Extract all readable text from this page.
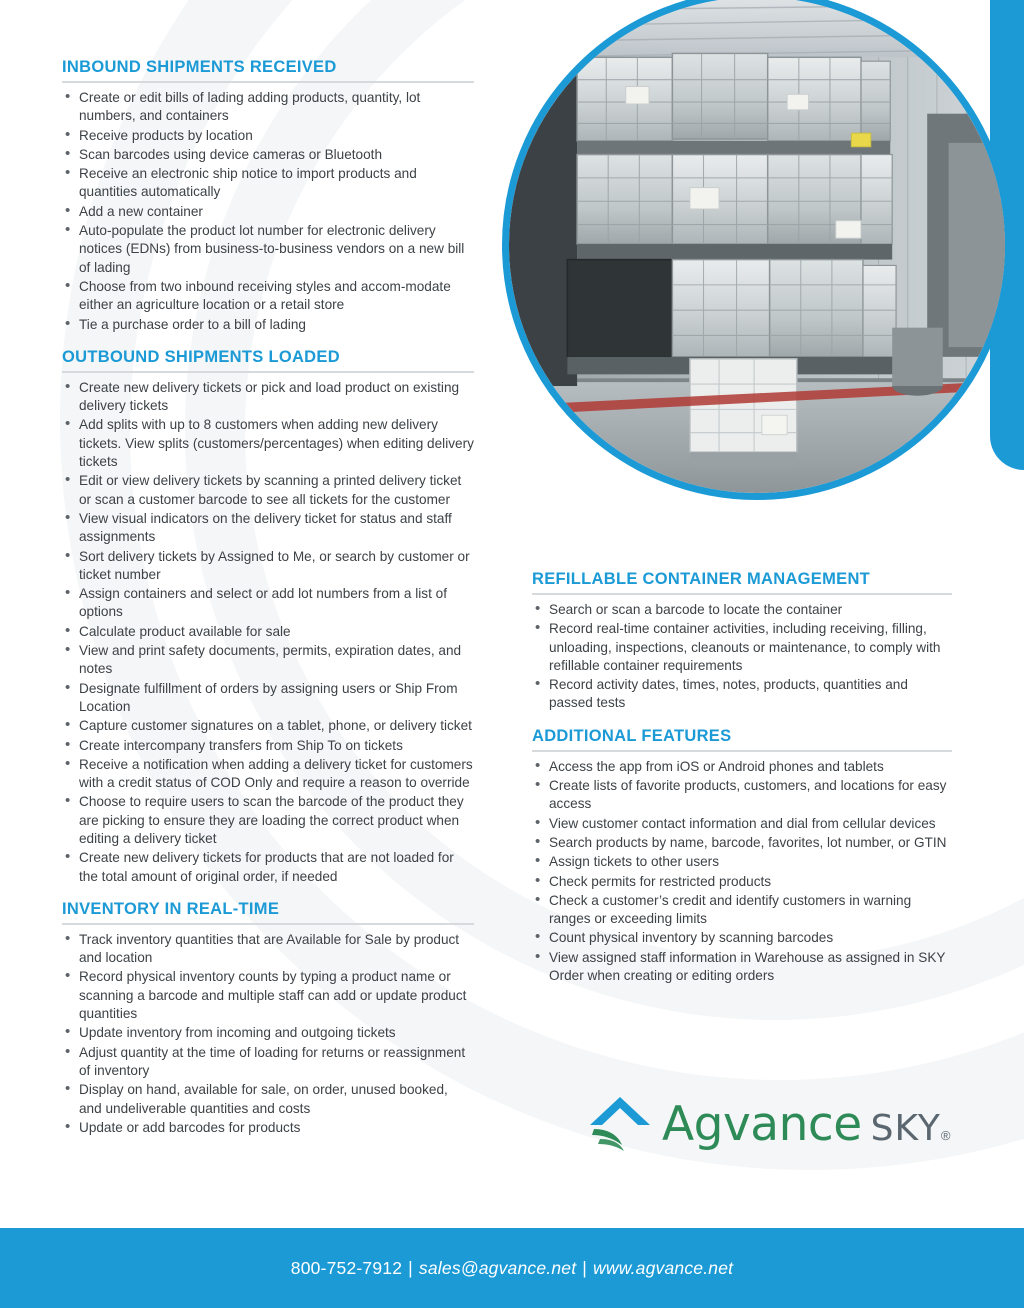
INBOUND SHIPMENTS RECEIVED
• Create or edit bills of lading adding products, quantity, lot numbers, and containers
• Receive products by location
• Scan barcodes using device cameras or Bluetooth
• Receive an electronic ship notice to import products and quantities automatically
• Add a new container
• Auto-populate the product lot number for electronic delivery notices (EDNs) from business-to-business vendors on a new bill of lading
• Choose from two inbound receiving styles and accom-modate either an agriculture location or a retail store
• Tie a purchase order to a bill of lading
OUTBOUND SHIPMENTS LOADED
• Create new delivery tickets or pick and load product on existing delivery tickets
• Add splits with up to 8 customers when adding new delivery tickets. View splits (customers/percentages) when editing delivery tickets
• Edit or view delivery tickets by scanning a printed delivery ticket or scan a customer barcode to see all tickets for the customer
• View visual indicators on the delivery ticket for status and staff assignments
• Sort delivery tickets by Assigned to Me, or search by customer or ticket number
• Assign containers and select or add lot numbers from a list of options
• Calculate product available for sale
• View and print safety documents, permits, expiration dates, and notes
• Designate fulfillment of orders by assigning users or Ship From Location
• Capture customer signatures on a tablet, phone, or delivery ticket
• Create intercompany transfers from Ship To on tickets
• Receive a notification when adding a delivery ticket for customers with a credit status of COD Only and require a reason to override
• Choose to require users to scan the barcode of the product they are picking to ensure they are loading the correct product when editing a delivery ticket
• Create new delivery tickets for products that are not loaded for the total amount of original order, if needed
INVENTORY IN REAL-TIME
• Track inventory quantities that are Available for Sale by product and location
• Record physical inventory counts by typing a product name or scanning a barcode and multiple staff can add or update product quantities
• Update inventory from incoming and outgoing tickets
• Adjust quantity at the time of loading for returns or reassignment of inventory
• Display on hand, available for sale, on order, unused booked, and undeliverable quantities and costs
• Update or add barcodes for products
REFILLABLE CONTAINER MANAGEMENT
• Search or scan a barcode to locate the container
• Record real-time container activities, including receiving, filling, unloading, inspections, cleanouts or maintenance, to comply with refillable container requirements
• Record activity dates, times, notes, products, quantities and passed tests
ADDITIONAL FEATURES
• Access the app from iOS or Android phones and tablets
• Create lists of favorite products, customers, and locations for easy access
• View customer contact information and dial from cellular devices
• Search products by name, barcode, favorites, lot number, or GTIN
• Assign tickets to other users
• Check permits for restricted products
• Check a customer’s credit and identify customers in warning ranges or exceeding limits
• Count physical inventory by scanning barcodes
• View assigned staff information in Warehouse as assigned in SKY Order when creating or editing orders
Agvance SKY ®
800-752-7912 | sales@agvance.net | www.agvance.net
